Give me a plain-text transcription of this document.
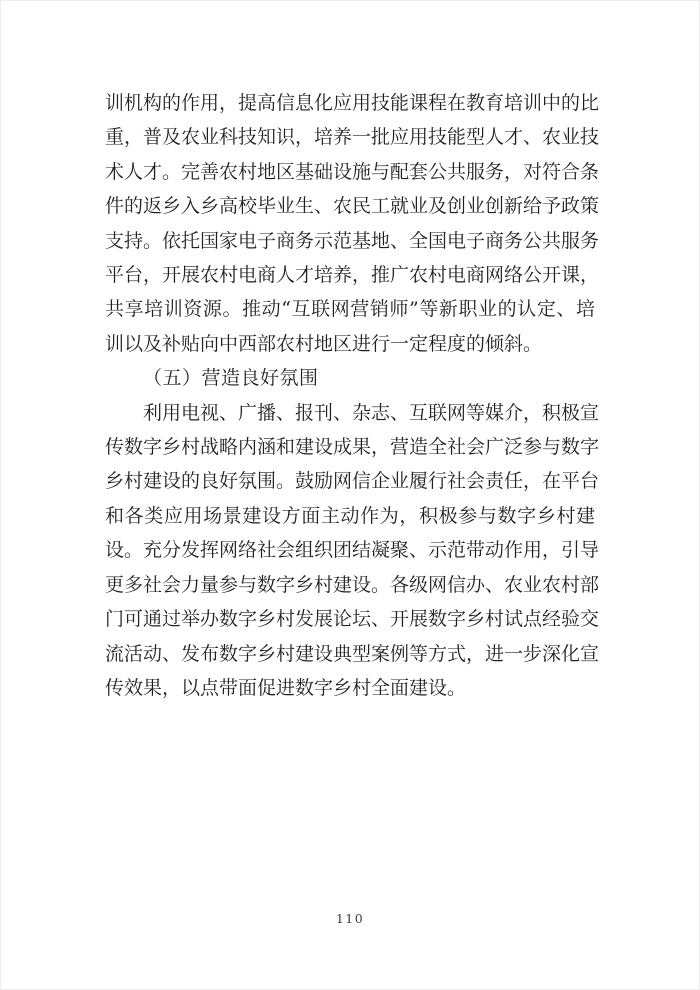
训机构的作用，提高信息化应用技能课程在教育培训中的比
重，普及农业科技知识，培养一批应用技能型人才、农业技
术人才。完善农村地区基础设施与配套公共服务，对符合条
件的返乡入乡高校毕业生、农民工就业及创业创新给予政策
支持。依托国家电子商务示范基地、全国电子商务公共服务
平台，开展农村电商人才培养，推广农村电商网络公开课，
共享培训资源。推动“互联网营销师”等新职业的认定、培
训以及补贴向中西部农村地区进行一定程度的倾斜。
（五）营造良好氛围
利用电视、广播、报刊、杂志、互联网等媒介，积极宣
传数字乡村战略内涵和建设成果，营造全社会广泛参与数字
乡村建设的良好氛围。鼓励网信企业履行社会责任，在平台
和各类应用场景建设方面主动作为，积极参与数字乡村建
设。充分发挥网络社会组织团结凝聚、示范带动作用，引导
更多社会力量参与数字乡村建设。各级网信办、农业农村部
门可通过举办数字乡村发展论坛、开展数字乡村试点经验交
流活动、发布数字乡村建设典型案例等方式，进一步深化宣
传效果，以点带面促进数字乡村全面建设。
110
